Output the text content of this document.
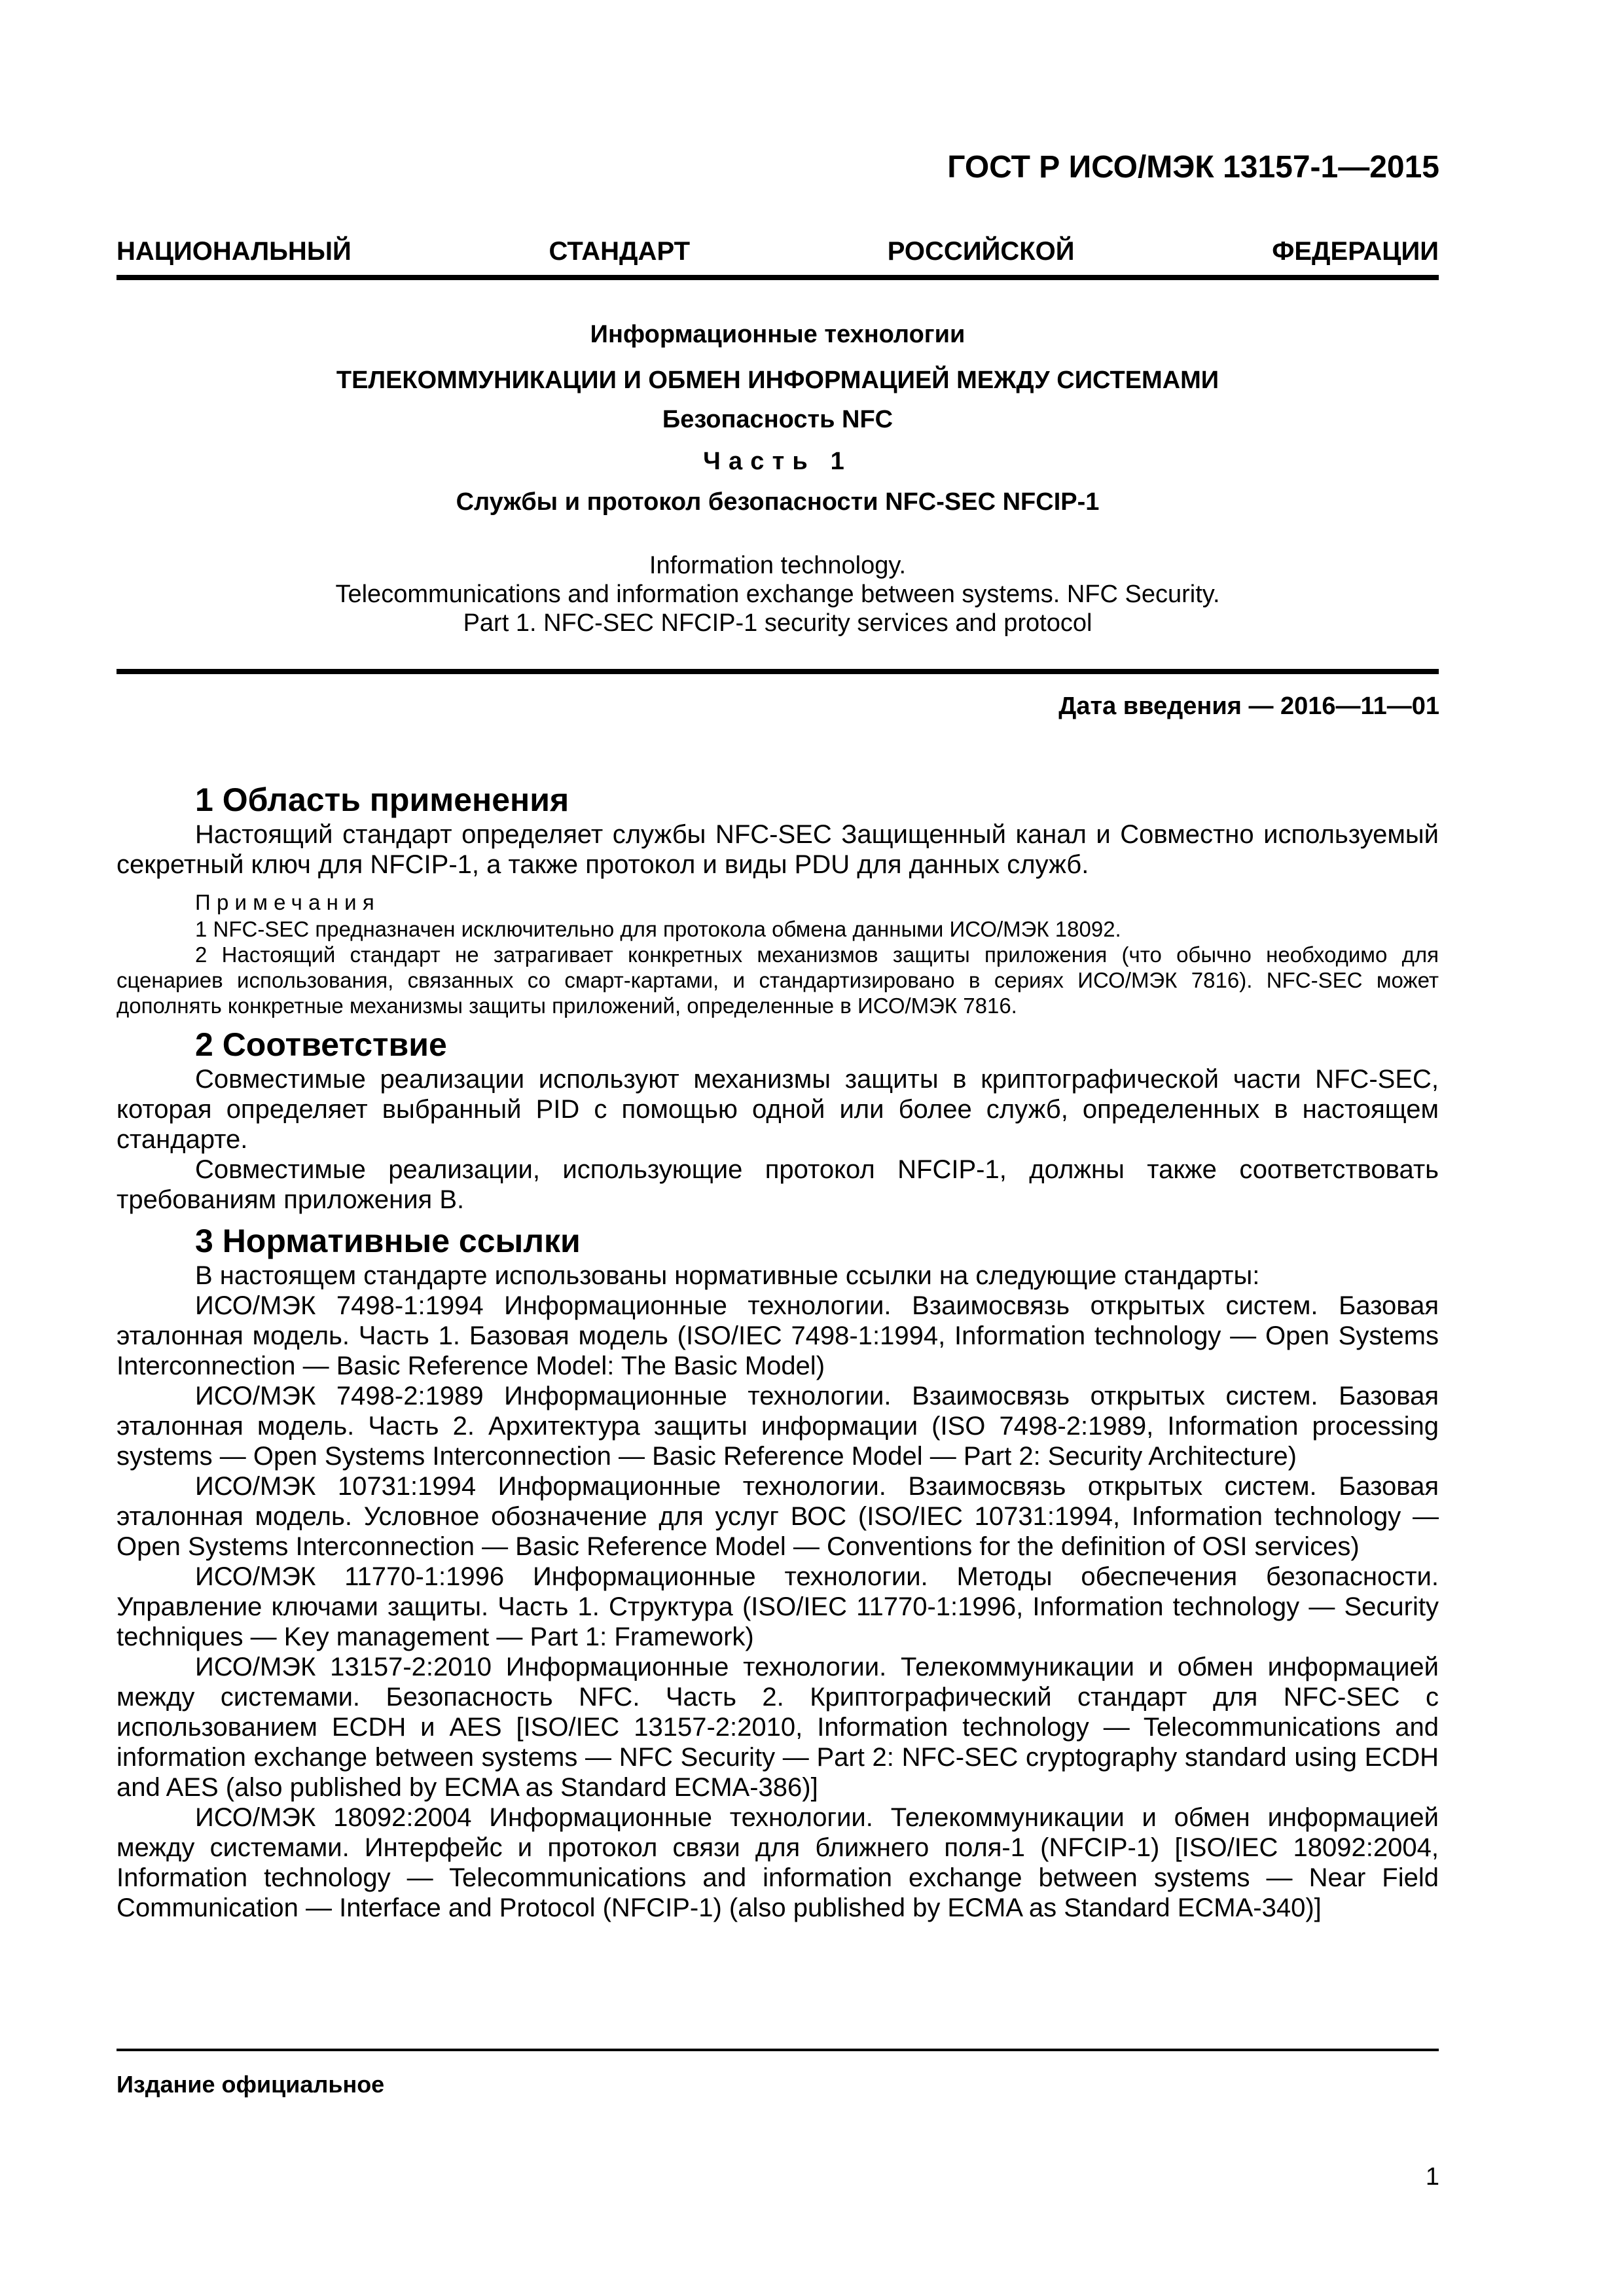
ГОСТ Р ИСО/МЭК 13157-1—2015
НАЦИОНАЛЬНЫЙ СТАНДАРТ РОССИЙСКОЙ ФЕДЕРАЦИИ
Информационные технологии
ТЕЛЕКОММУНИКАЦИИ И ОБМЕН ИНФОРМАЦИЕЙ МЕЖДУ СИСТЕМАМИ
Безопасность NFC
Часть 1
Службы и протокол безопасности NFC-SEC NFCIP-1
Information technology.
Telecommunications and information exchange between systems. NFC Security.
Part 1. NFC-SEC NFCIP-1 security services and protocol
Дата введения — 2016—11—01
1 Область применения

Настоящий стандарт определяет службы NFC-SEC Защищенный канал и Совместно используемый секретный ключ для NFCIP-1, а также протокол и виды PDU для данных служб.

Примечания

1 NFC-SEC предназначен исключительно для протокола обмена данными ИСО/МЭК 18092.

2 Настоящий стандарт не затрагивает конкретных механизмов защиты приложения (что обычно необходимо для сценариев использования, связанных со смарт-картами, и стандартизировано в сериях ИСО/МЭК 7816). NFC-SEC может дополнять конкретные механизмы защиты приложений, определенные в ИСО/МЭК 7816.

2 Соответствие

Совместимые реализации используют механизмы защиты в криптографической части NFC-SEC, которая определяет выбранный PID с помощью одной или более служб, определенных в настоящем стандарте.

Совместимые реализации, использующие протокол NFCIP-1, должны также соответствовать требованиям приложения В.

3 Нормативные ссылки

В настоящем стандарте использованы нормативные ссылки на следующие стандарты:

ИСО/МЭК 7498-1:1994 Информационные технологии. Взаимосвязь открытых систем. Базовая эталонная модель. Часть 1. Базовая модель (ISO/IEC 7498-1:1994, Information technology — Open Systems Interconnection — Basic Reference Model: The Basic Model)

ИСО/МЭК 7498-2:1989 Информационные технологии. Взаимосвязь открытых систем. Базовая эталонная модель. Часть 2. Архитектура защиты информации (ISO 7498-2:1989, Information processing systems — Open Systems Interconnection — Basic Reference Model — Part 2: Security Architecture)

ИСО/МЭК 10731:1994 Информационные технологии. Взаимосвязь открытых систем. Базовая эталонная модель. Условное обозначение для услуг ВОС (ISO/IEC 10731:1994, Information technology — Open Systems Interconnection — Basic Reference Model — Conventions for the definition of OSI services)

ИСО/МЭК 11770-1:1996 Информационные технологии. Методы обеспечения безопасности. Управление ключами защиты. Часть 1. Структура (ISO/IEC 11770-1:1996, Information technology — Security techniques — Key management — Part 1: Framework)

ИСО/МЭК 13157-2:2010 Информационные технологии. Телекоммуникации и обмен информацией между системами. Безопасность NFC. Часть 2. Криптографический стандарт для NFC-SEC с использованием ECDH и AES [ISO/IEC 13157-2:2010, Information technology — Telecommunications and information exchange between systems — NFC Security — Part 2: NFC-SEC cryptography standard using ECDH and AES (also published by ECMA as Standard ECMA-386)]

ИСО/МЭК 18092:2004 Информационные технологии. Телекоммуникации и обмен информацией между системами. Интерфейс и протокол связи для ближнего поля-1 (NFCIP-1) [ISO/IEC 18092:2004, Information technology — Telecommunications and information exchange between systems — Near Field Communication — Interface and Protocol (NFCIP-1) (also published by ECMA as Standard ECMA-340)]

Издание официальное
1
